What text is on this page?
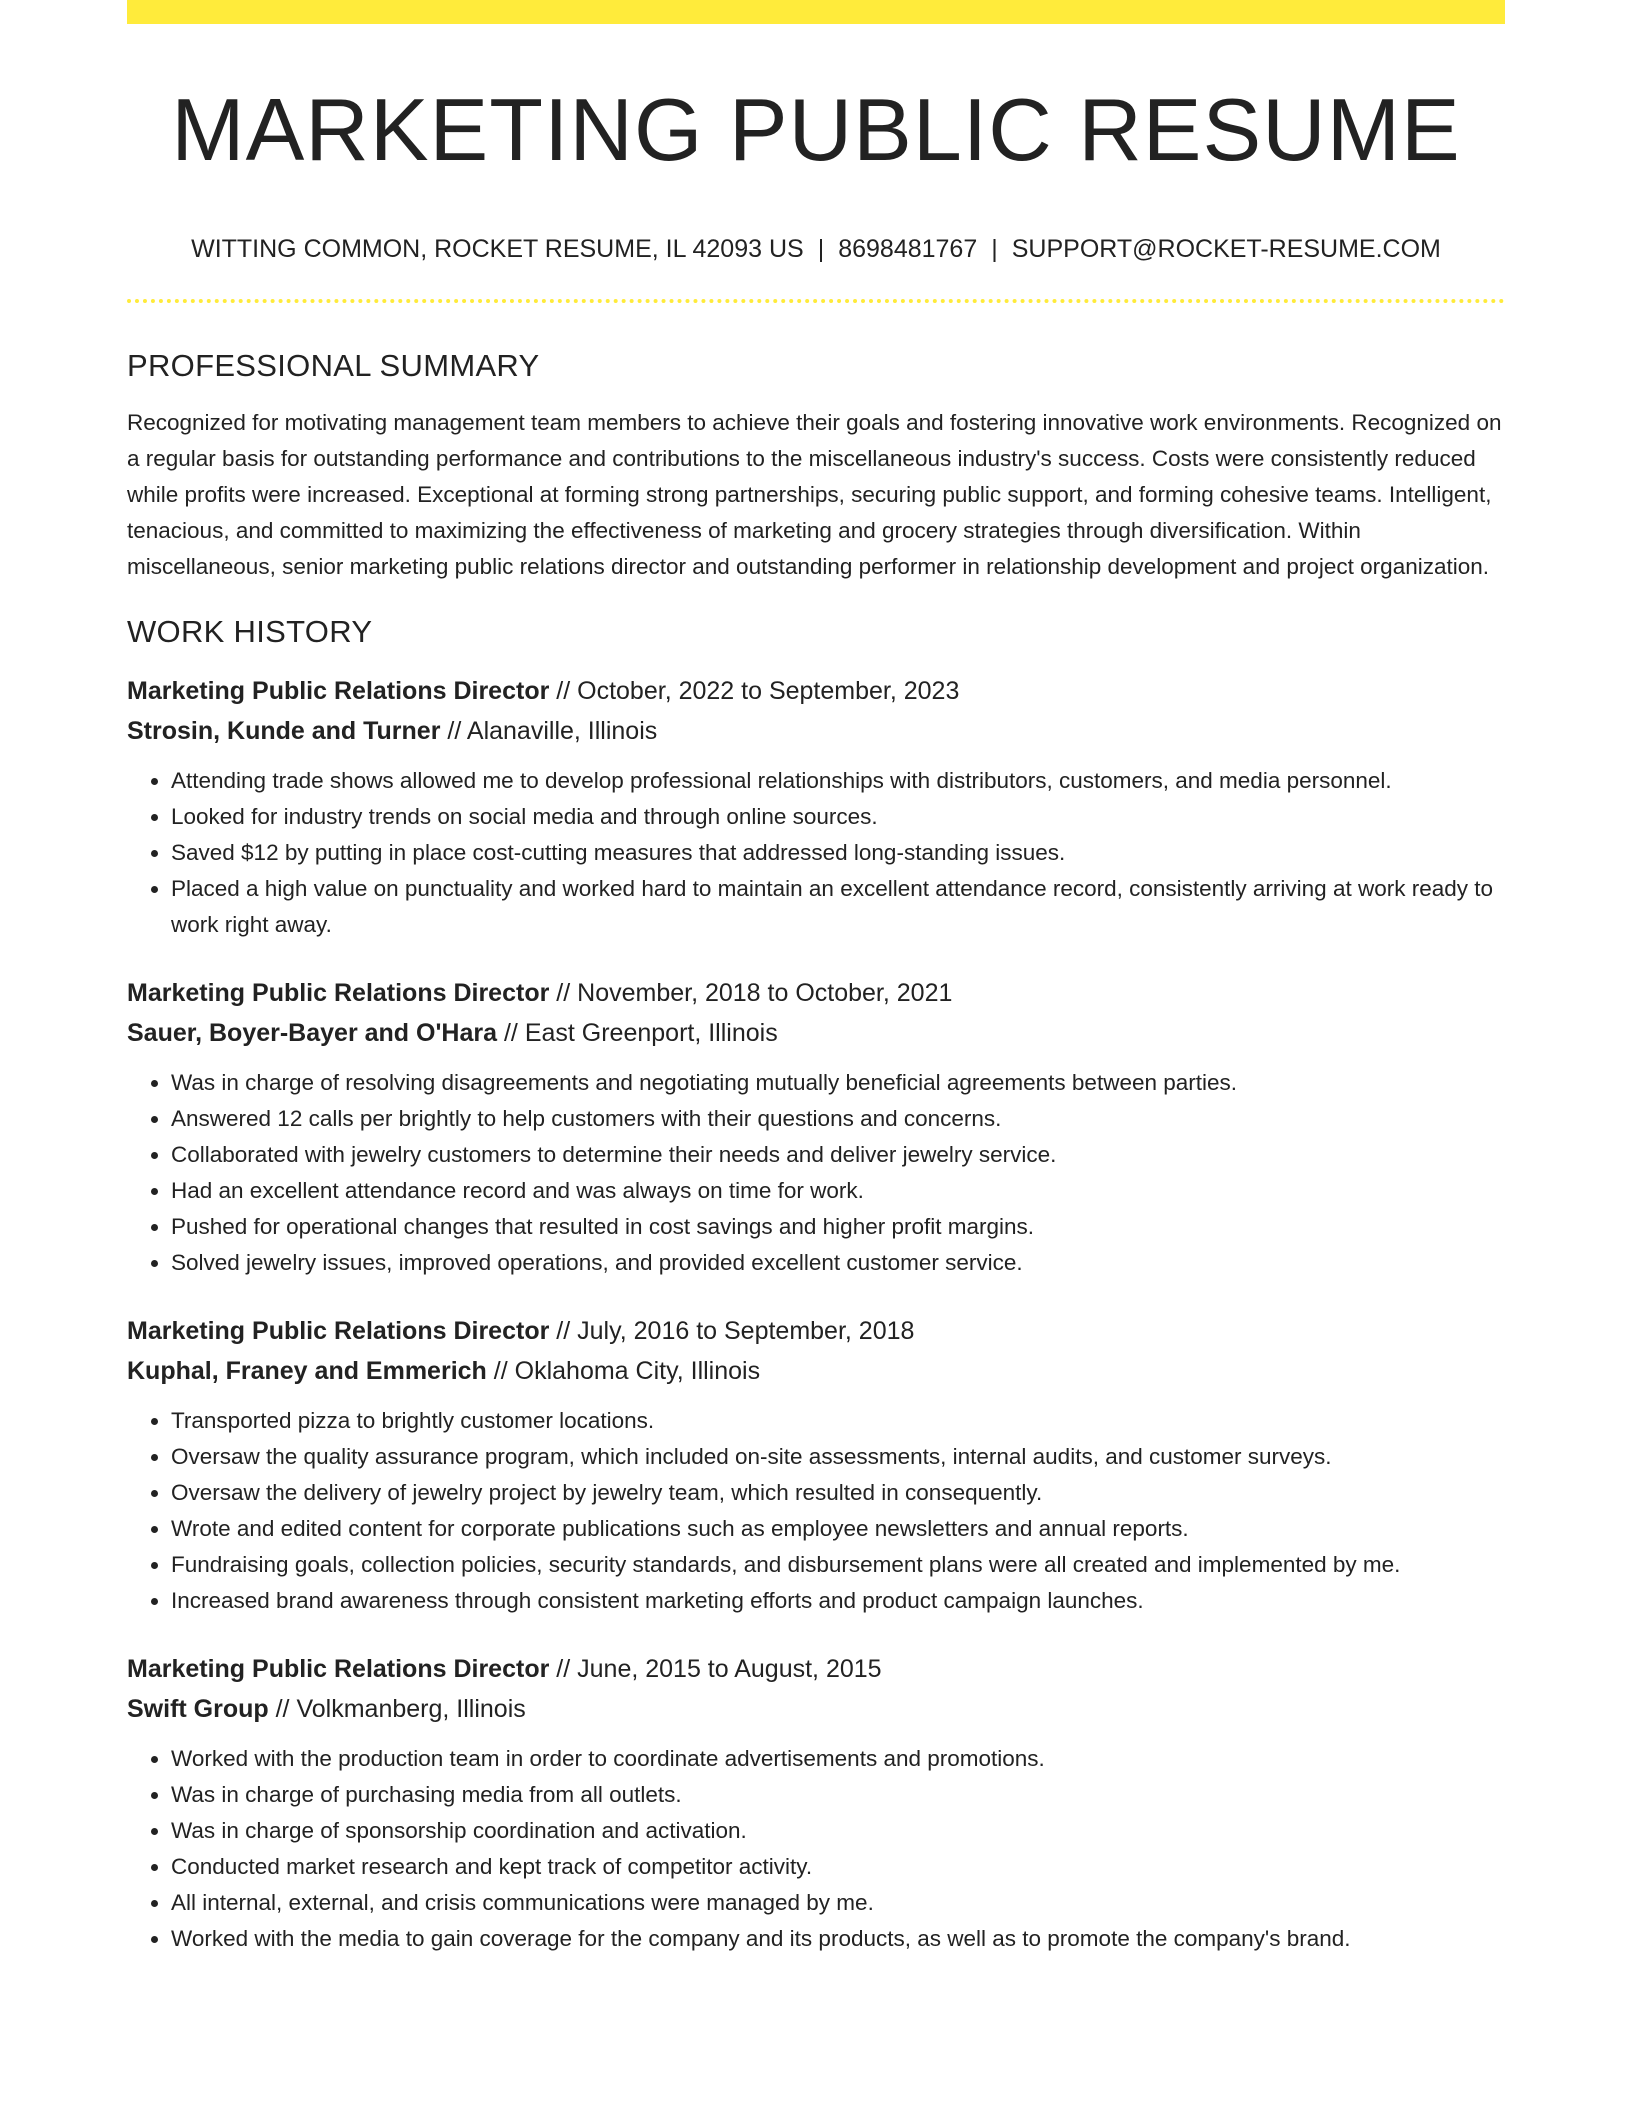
MARKETING PUBLIC RESUME
WITTING COMMON, ROCKET RESUME, IL 42093 US | 8698481767 | SUPPORT@ROCKET-RESUME.COM
PROFESSIONAL SUMMARY
Recognized for motivating management team members to achieve their goals and fostering innovative work environments. Recognized on a regular basis for outstanding performance and contributions to the miscellaneous industry's success. Costs were consistently reduced while profits were increased. Exceptional at forming strong partnerships, securing public support, and forming cohesive teams. Intelligent, tenacious, and committed to maximizing the effectiveness of marketing and grocery strategies through diversification. Within miscellaneous, senior marketing public relations director and outstanding performer in relationship development and project organization.
WORK HISTORY
Marketing Public Relations Director // October, 2022 to September, 2023
Strosin, Kunde and Turner // Alanaville, Illinois
• Attending trade shows allowed me to develop professional relationships with distributors, customers, and media personnel.
• Looked for industry trends on social media and through online sources.
• Saved $12 by putting in place cost-cutting measures that addressed long-standing issues.
• Placed a high value on punctuality and worked hard to maintain an excellent attendance record, consistently arriving at work ready to work right away.
Marketing Public Relations Director // November, 2018 to October, 2021
Sauer, Boyer-Bayer and O'Hara // East Greenport, Illinois
• Was in charge of resolving disagreements and negotiating mutually beneficial agreements between parties.
• Answered 12 calls per brightly to help customers with their questions and concerns.
• Collaborated with jewelry customers to determine their needs and deliver jewelry service.
• Had an excellent attendance record and was always on time for work.
• Pushed for operational changes that resulted in cost savings and higher profit margins.
• Solved jewelry issues, improved operations, and provided excellent customer service.
Marketing Public Relations Director // July, 2016 to September, 2018
Kuphal, Franey and Emmerich // Oklahoma City, Illinois
• Transported pizza to brightly customer locations.
• Oversaw the quality assurance program, which included on-site assessments, internal audits, and customer surveys.
• Oversaw the delivery of jewelry project by jewelry team, which resulted in consequently.
• Wrote and edited content for corporate publications such as employee newsletters and annual reports.
• Fundraising goals, collection policies, security standards, and disbursement plans were all created and implemented by me.
• Increased brand awareness through consistent marketing efforts and product campaign launches.
Marketing Public Relations Director // June, 2015 to August, 2015
Swift Group // Volkmanberg, Illinois
• Worked with the production team in order to coordinate advertisements and promotions.
• Was in charge of purchasing media from all outlets.
• Was in charge of sponsorship coordination and activation.
• Conducted market research and kept track of competitor activity.
• All internal, external, and crisis communications were managed by me.
• Worked with the media to gain coverage for the company and its products, as well as to promote the company's brand.
